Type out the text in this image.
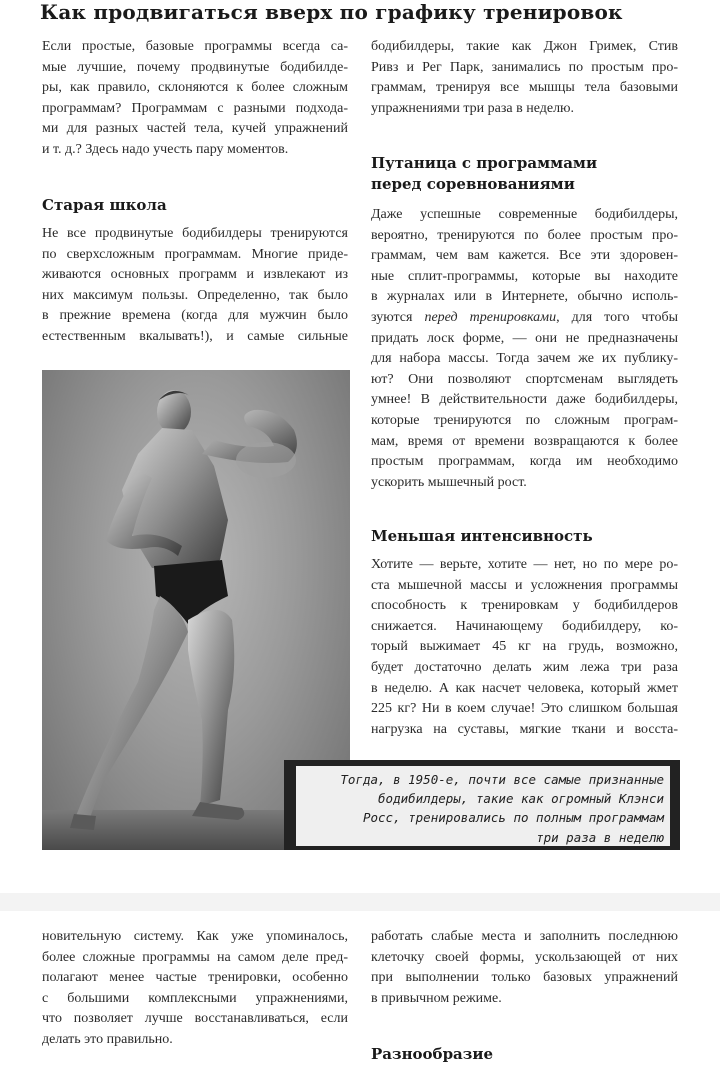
Как продвигаться вверх по графику тренировок
Если простые, базовые программы всегда са-
мые лучшие, почему продвинутые бодибилде-
ры, как правило, склоняются к более сложным
программам? Программам с разными подхода-
ми для разных частей тела, кучей упражнений
и т. д.? Здесь надо учесть пару моментов.
Старая школа
Не все продвинутые бодибилдеры тренируются
по сверхсложным программам. Многие приде-
живаются основных программ и извлекают из
них максимум пользы. Определенно, так было
в прежние времена (когда для мужчин было
естественным вкалывать!), и самые сильные
бодибилдеры, такие как Джон Гримек, Стив
Ривз и Рег Парк, занимались по простым про-
граммам, тренируя все мышцы тела базовыми
упражнениями три раза в неделю.
Путаница с программами
перед соревнованиями
Даже успешные современные бодибилдеры,
вероятно, тренируются по более простым про-
граммам, чем вам кажется. Все эти здоровен-
ные сплит-программы, которые вы находите
в журналах или в Интернете, обычно исполь-
зуются перед тренировками, для того чтобы
придать лоск форме, — они не предназначены
для набора массы. Тогда зачем же их публику-
ют? Они позволяют спортсменам выглядеть
умнее! В действительности даже бодибилдеры,
которые тренируются по сложным програм-
мам, время от времени возвращаются к более
простым программам, когда им необходимо
ускорить мышечный рост.
Меньшая интенсивность
Хотите — верьте, хотите — нет, но по мере ро-
ста мышечной массы и усложнения программы
способность к тренировкам у бодибилдеров
снижается. Начинающему бодибилдеру, ко-
торый выжимает 45 кг на грудь, возможно,
будет достаточно делать жим лежа три раза
в неделю. А как насчет человека, который жмет
225 кг? Ни в коем случае! Это слишком большая
нагрузка на суставы, мягкие ткани и восста-
Тогда, в 1950-е, почти все самые признанные
бодибилдеры, такие как огромный Клэнси
Росс, тренировались по полным программам
три раза в неделю
новительную систему. Как уже упоминалось,
более сложные программы на самом деле пред-
полагают менее частые тренировки, особенно
с большими комплексными упражнениями,
что позволяет лучше восстанавливаться, если
делать это правильно.
работать слабые места и заполнить последнюю
клеточку своей формы, ускользающей от них
при выполнении только базовых упражнений
в привычном режиме.
Разнообразие
